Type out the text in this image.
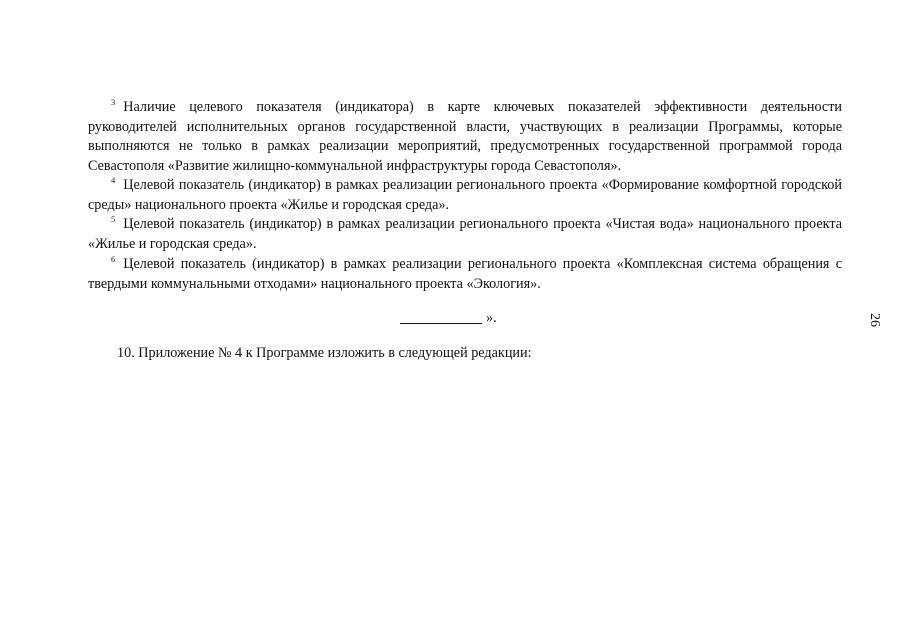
$^3$ Наличие целевого показателя (индикатора) в карте ключевых показателей эффективности деятельности руководителей исполнительных органов государственной власти, участвующих в реализации Программы, которые выполняются не только в рамках реализации мероприятий, предусмотренных государственной программой города Севастополя «Развитие жилищно-коммунальной инфраструктуры города Севастополя».

$^4$ Целевой показатель (индикатор) в рамках реализации регионального проекта «Формирование комфортной городской среды» национального проекта «Жилье и городская среда».

$^5$ Целевой показатель (индикатор) в рамках реализации регионального проекта «Чистая вода» национального проекта «Жилье и городская среда».

$^6$ Целевой показатель (индикатор) в рамках реализации регионального проекта «Комплексная система обращения с твердыми коммунальными отходами» национального проекта «Экология».

».

10. Приложение № 4 к Программе изложить в следующей редакции:

26
